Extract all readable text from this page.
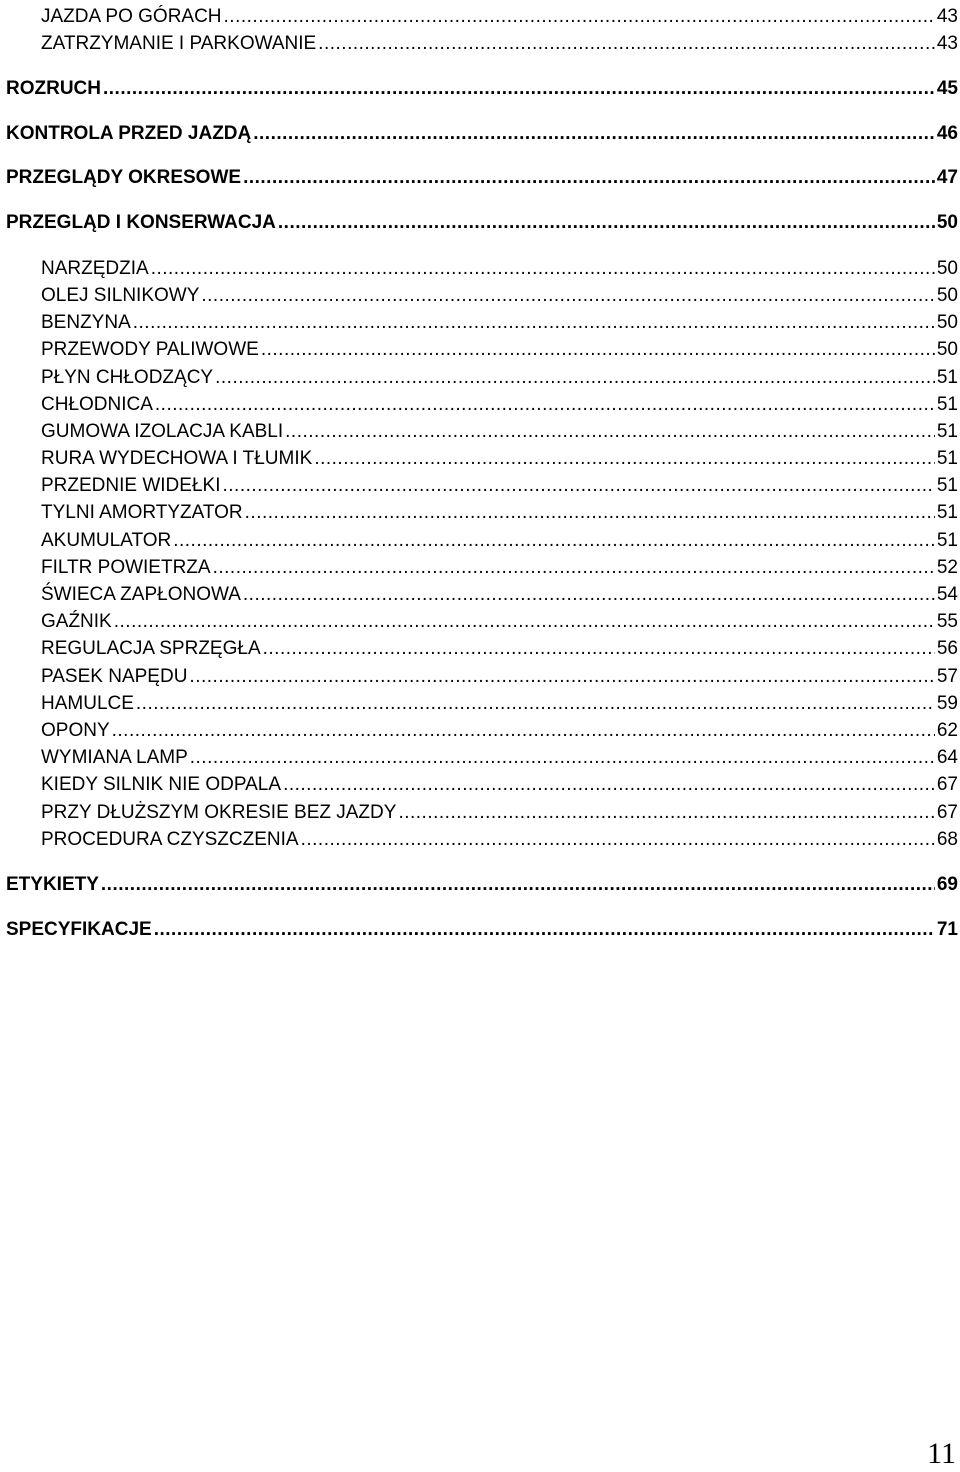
JAZDA PO GÓRACH .....	43
ZATRZYMANIE I PARKOWANIE .....	43
ROZRUCH .....	45
KONTROLA PRZED JAZDĄ .....	46
PRZEGLĄDY OKRESOWE .....	47
PRZEGLĄD I KONSERWACJA .....	50
NARZĘDZIA .....	50
OLEJ SILNIKOWY .....	50
BENZYNA .....	50
PRZEWODY PALIWOWE .....	50
PŁYN CHŁODZĄCY .....	51
CHŁODNICA .....	51
GUMOWA IZOLACJA KABLI .....	51
RURA WYDECHOWA I TŁUMIK .....	51
PRZEDNIE WIDEŁKI .....	51
TYLNI AMORTYZATOR .....	51
AKUMULATOR .....	51
FILTR POWIETRZA .....	52
ŚWIECA ZAPŁONOWA .....	54
GAŹNIK .....	55
REGULACJA SPRZĘGŁA .....	56
PASEK NAPĘDU .....	57
HAMULCE .....	59
OPONY .....	62
WYMIANA LAMP .....	64
KIEDY SILNIK NIE ODPALA .....	67
PRZY DŁUŻSZYM OKRESIE BEZ JAZDY .....	67
PROCEDURA CZYSZCZENIA .....	68
ETYKIETY .....	69
SPECYFIKACJE .....	71
11
